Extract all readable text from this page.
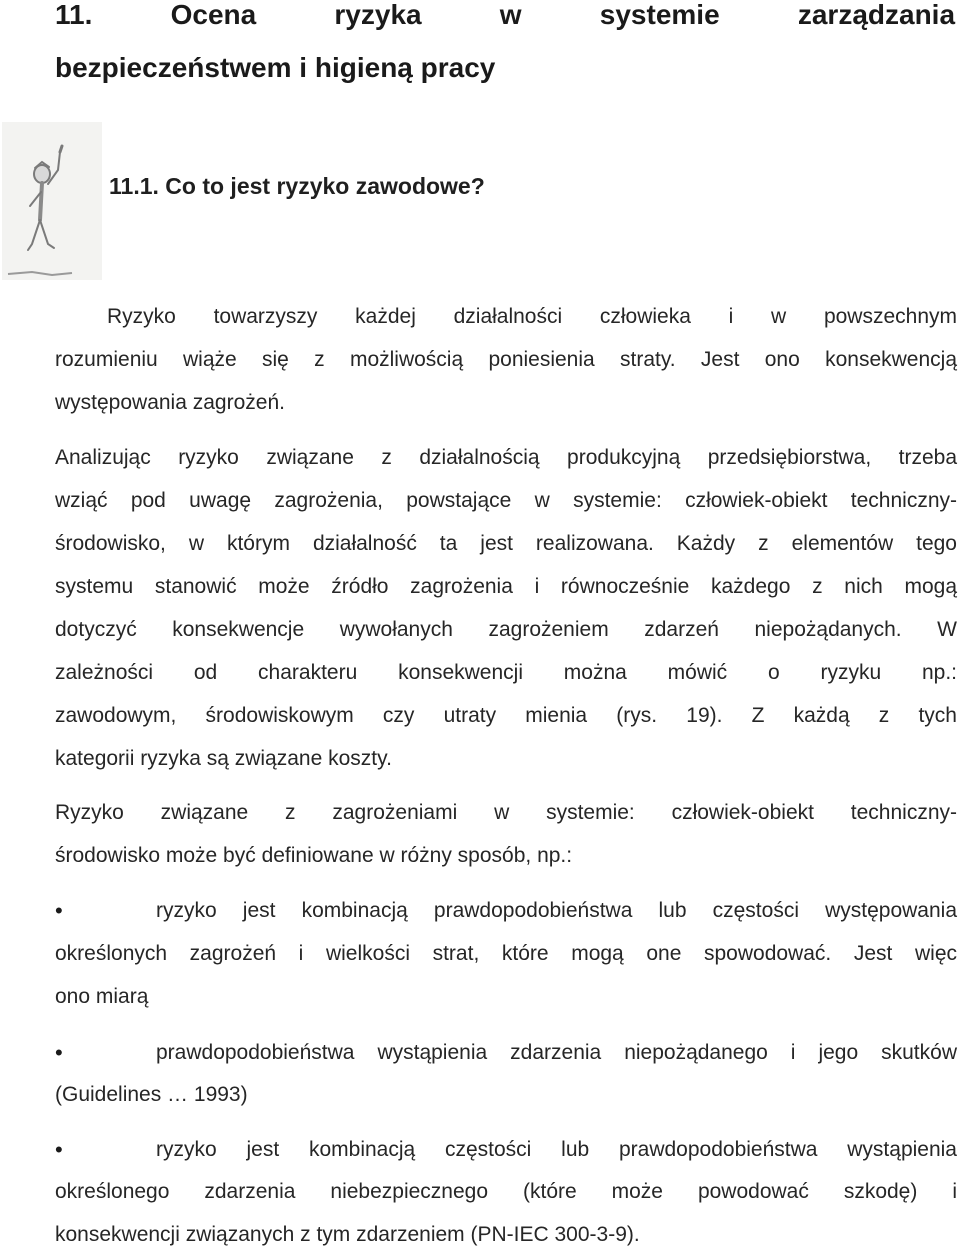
11.	Ocena	ryzyka	w	systemie	zarządzania
bezpieczeństwem i higieną pracy
11.1. Co to jest ryzyko zawodowe?
Ryzyko towarzyszy każdej działalności człowieka i w powszechnym
rozumieniu wiąże się z możliwością poniesienia straty. Jest ono konsekwencją
występowania zagrożeń.
Analizując ryzyko związane z działalnością produkcyjną przedsiębiorstwa, trzeba
wziąć pod uwagę zagrożenia, powstające w systemie: człowiek-obiekt techniczny-
środowisko, w którym działalność ta jest realizowana. Każdy z elementów tego
systemu stanowić może źródło zagrożenia i równocześnie każdego z nich mogą
dotyczyć konsekwencje wywołanych zagrożeniem zdarzeń niepożądanych. W
zależności od charakteru konsekwencji można mówić o ryzyku np.:
zawodowym, środowiskowym czy utraty mienia (rys. 19). Z każdą z tych
kategorii ryzyka są związane koszty.
Ryzyko związane z zagrożeniami w systemie: człowiek-obiekt techniczny-
środowisko może być definiowane w różny sposób, np.:
•	ryzyko jest kombinacją prawdopodobieństwa lub częstości występowania
określonych zagrożeń i wielkości strat, które mogą one spowodować. Jest więc
ono miarą
•	prawdopodobieństwa wystąpienia zdarzenia niepożądanego i jego skutków
(Guidelines … 1993)
•	ryzyko jest kombinacją częstości lub prawdopodobieństwa wystąpienia
określonego zdarzenia niebezpiecznego (które może powodować szkodę) i
konsekwencji związanych z tym zdarzeniem (PN-IEC 300-3-9).
